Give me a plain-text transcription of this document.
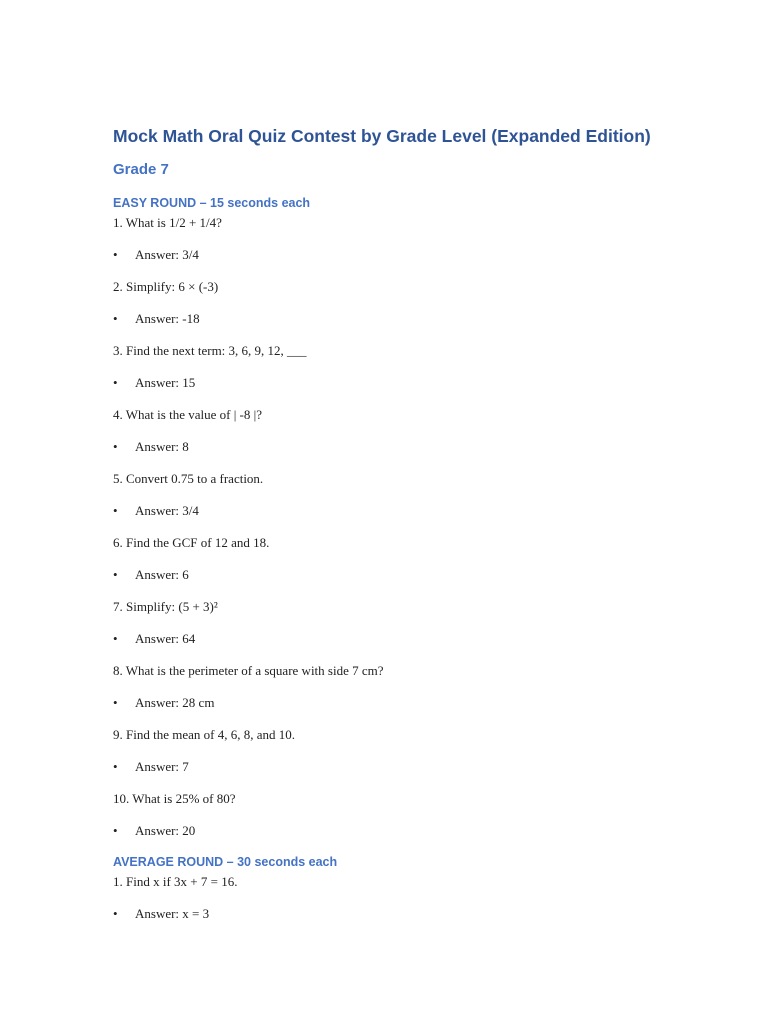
Mock Math Oral Quiz Contest by Grade Level (Expanded Edition)
Grade 7
EASY ROUND – 15 seconds each

1. What is 1/2 + 1/4?

• Answer: 3/4

2. Simplify: 6 × (-3)

• Answer: -18

3. Find the next term: 3, 6, 9, 12, ___

• Answer: 15

4. What is the value of | -8 |?

• Answer: 8

5. Convert 0.75 to a fraction.

• Answer: 3/4

6. Find the GCF of 12 and 18.

• Answer: 6

7. Simplify: (5 + 3)²

• Answer: 64

8. What is the perimeter of a square with side 7 cm?

• Answer: 28 cm

9. Find the mean of 4, 6, 8, and 10.

• Answer: 7

10. What is 25% of 80?

• Answer: 20

AVERAGE ROUND – 30 seconds each

1. Find x if 3x + 7 = 16.

• Answer: x = 3
